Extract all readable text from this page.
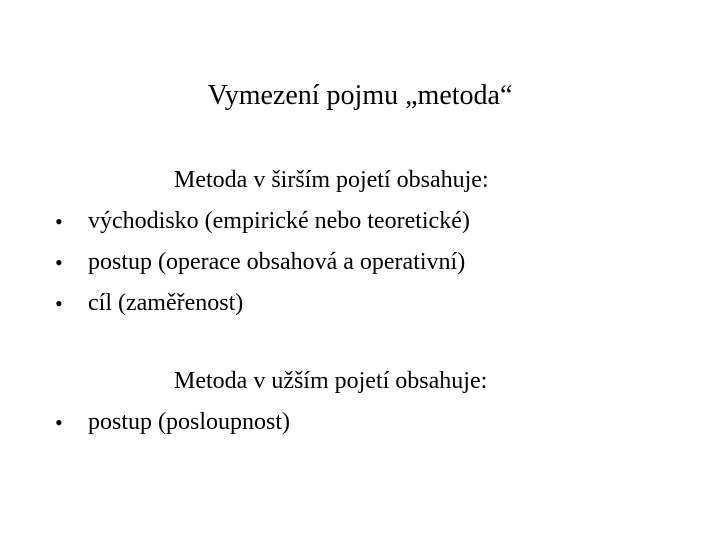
Vymezení pojmu „metoda“
Metoda v širším pojetí obsahuje:
• východisko (empirické nebo teoretické)
• postup (operace obsahová a operativní)
• cíl (zaměřenost)
Metoda v užším pojetí obsahuje:
• postup (posloupnost)
